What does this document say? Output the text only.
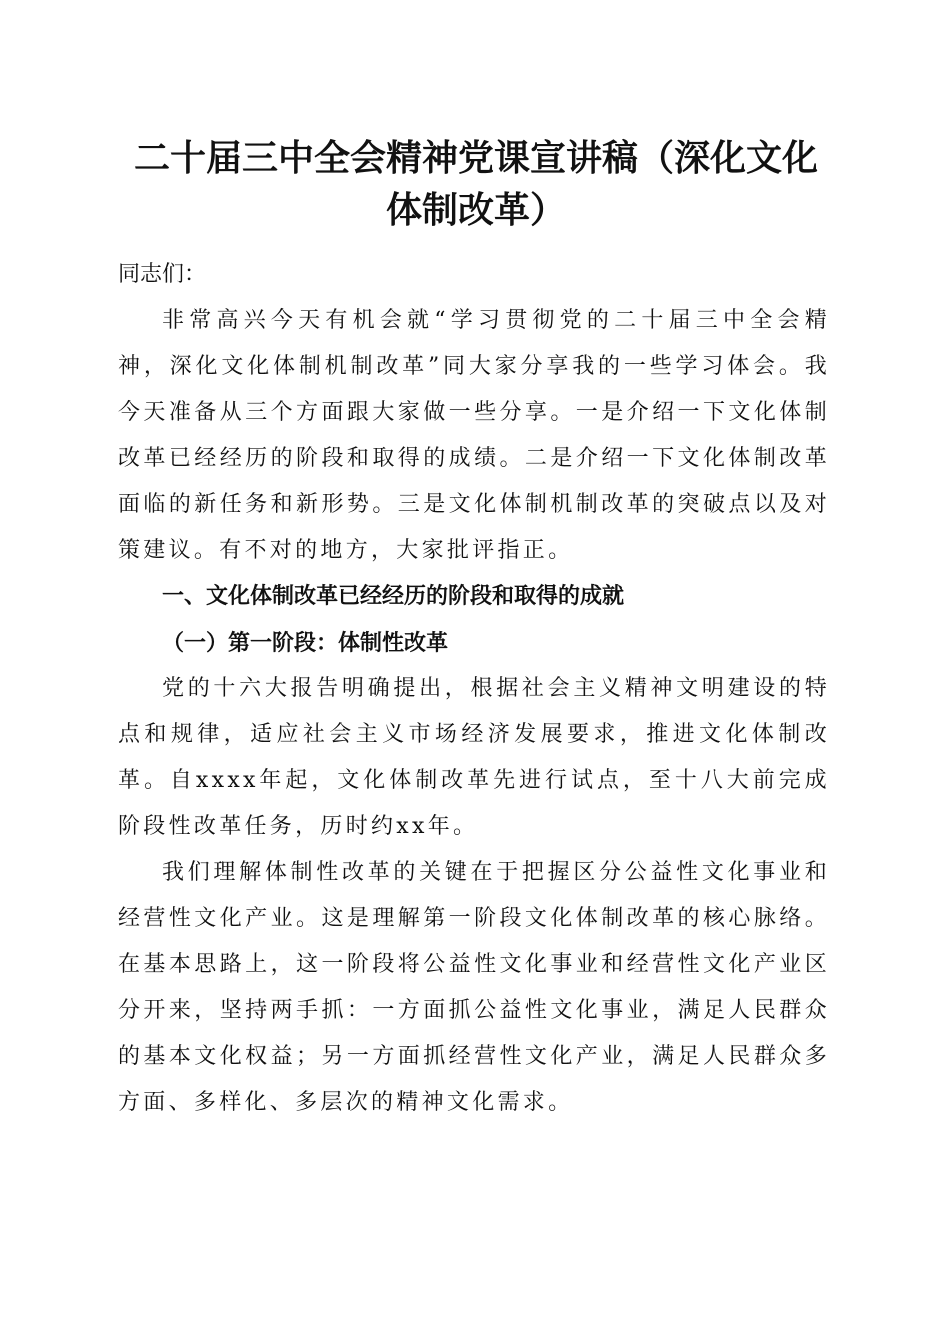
二十届三中全会精神党课宣讲稿（深化文化体制改革）

同志们：

非常高兴今天有机会就“学习贯彻党的二十届三中全会精神，深化文化体制机制改革”同大家分享我的一些学习体会。我今天准备从三个方面跟大家做一些分享。一是介绍一下文化体制改革已经经历的阶段和取得的成绩。二是介绍一下文化体制改革面临的新任务和新形势。三是文化体制机制改革的突破点以及对策建议。有不对的地方，大家批评指正。

一、文化体制改革已经经历的阶段和取得的成就

（一）第一阶段：体制性改革

党的十六大报告明确提出，根据社会主义精神文明建设的特点和规律，适应社会主义市场经济发展要求，推进文化体制改革。自xxxx年起，文化体制改革先进行试点，至十八大前完成阶段性改革任务，历时约xx年。

我们理解体制性改革的关键在于把握区分公益性文化事业和经营性文化产业。这是理解第一阶段文化体制改革的核心脉络。在基本思路上，这一阶段将公益性文化事业和经营性文化产业区分开来，坚持两手抓：一方面抓公益性文化事业，满足人民群众的基本文化权益；另一方面抓经营性文化产业，满足人民群众多方面、多样化、多层次的精神文化需求。
